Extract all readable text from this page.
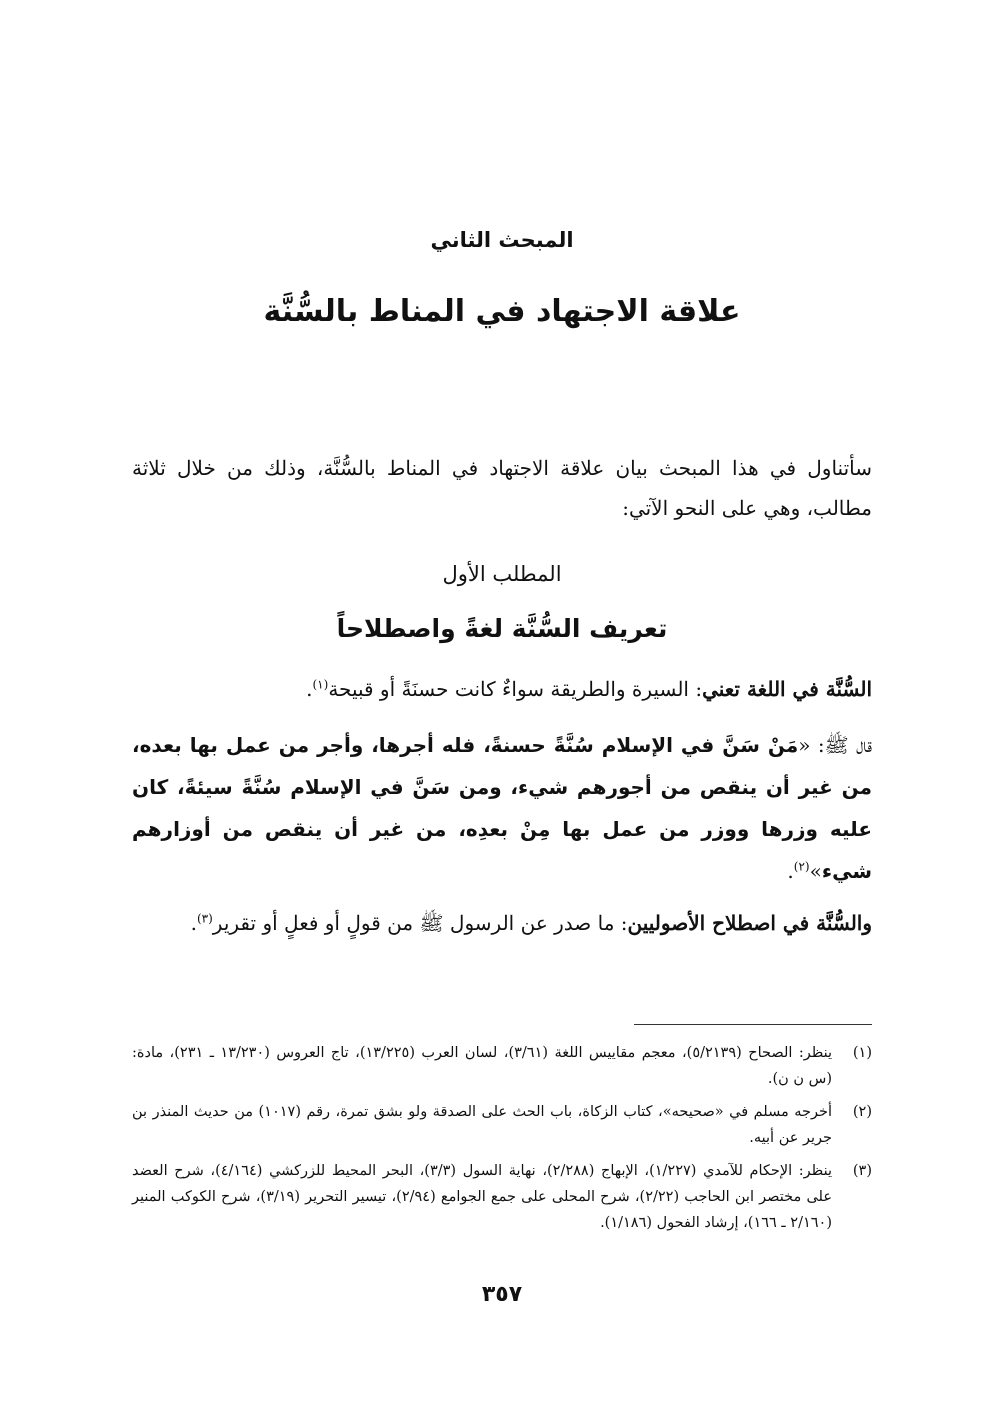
المبحث الثاني
علاقة الاجتهاد في المناط بالسُّنَّة
سأتناول في هذا المبحث بيان علاقة الاجتهاد في المناط بالسُّنَّة، وذلك من خلال ثلاثة مطالب، وهي على النحو الآتي:
المطلب الأول
تعريف السُّنَّة لغةً واصطلاحاً
السُّنَّة في اللغة تعني: السيرة والطريقة سواءٌ كانت حسنَةً أو قبيحة$^{(١)}$.
قال ﷺ: «مَنْ سَنَّ في الإسلام سُنَّةً حسنةً، فله أجرها، وأجر من عمل بها بعده، من غير أن ينقص من أجورهم شيء، ومن سَنَّ في الإسلام سُنَّةً سيئةً، كان عليه وزرها ووزر من عمل بها مِنْ بعدِه، من غير أن ينقص من أوزارهم شيء»$^{(٢)}$.
والسُّنَّة في اصطلاح الأصوليين: ما صدر عن الرسول ﷺ من قولٍ أو فعلٍ أو تقرير$^{(٣)}$.
(١)
ينظر: الصحاح (٥/٢١٣٩)، معجم مقاييس اللغة (٣/٦١)، لسان العرب (١٣/٢٢٥)، تاج العروس (١٣/٢٣٠ ـ ٢٣١)، مادة: (س ن ن).
(٢)
أخرجه مسلم في «صحيحه»، كتاب الزكاة، باب الحث على الصدقة ولو بشق تمرة، رقم (١٠١٧) من حديث المنذر بن جرير عن أبيه.
(٣)
ينظر: الإحكام للآمدي (١/٢٢٧)، الإبهاج (٢/٢٨٨)، نهاية السول (٣/٣)، البحر المحيط للزركشي (٤/١٦٤)، شرح العضد على مختصر ابن الحاجب (٢/٢٢)، شرح المحلى على جمع الجوامع (٢/٩٤)، تيسير التحرير (٣/١٩)، شرح الكوكب المنير (٢/١٦٠ ـ ١٦٦)، إرشاد الفحول (١/١٨٦).
٣٥٧
